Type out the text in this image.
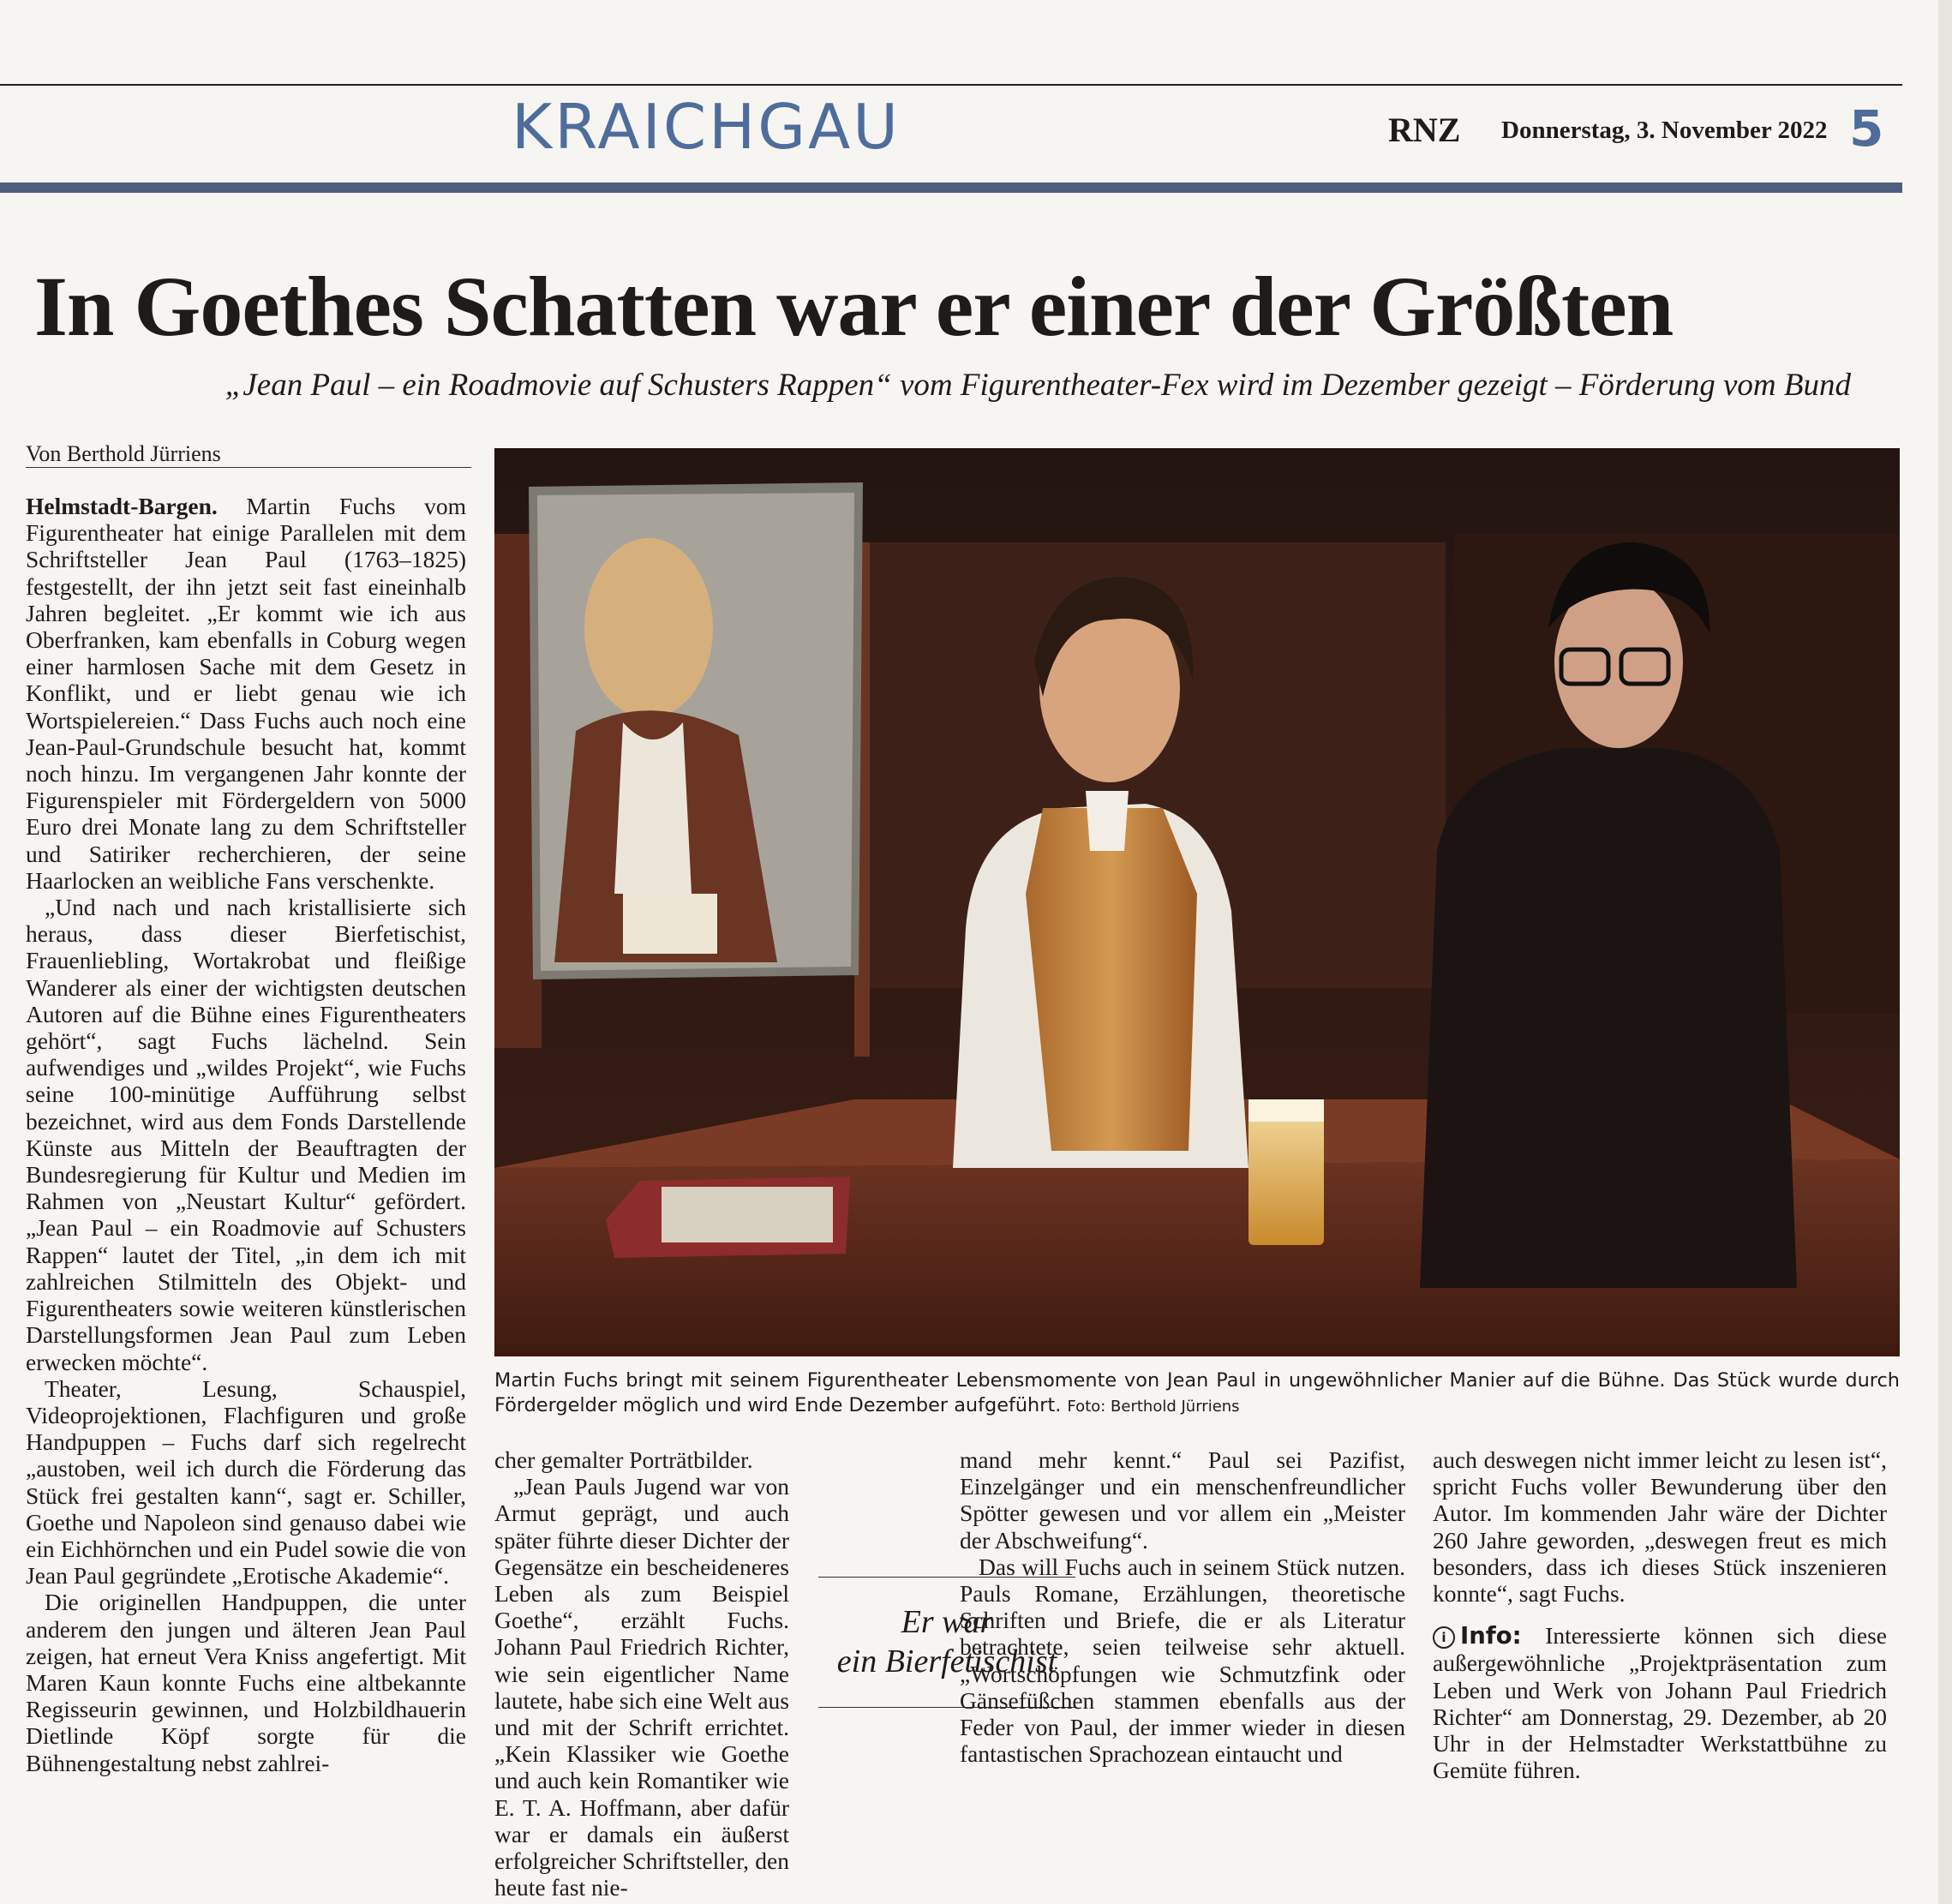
KRAICHGAU	RNZ Donnerstag, 3. November 2022 5
In Goethes Schatten war er einer der Größten
„Jean Paul – ein Roadmovie auf Schusters Rappen“ vom Figurentheater-Fex wird im Dezember gezeigt – Förderung vom Bund
Von Berthold Jürriens

Helmstadt-Bargen. Martin Fuchs vom Figurentheater hat einige Parallelen mit dem Schriftsteller Jean Paul (1763–1825) festgestellt, der ihn jetzt seit fast eineinhalb Jahren begleitet. „Er kommt wie ich aus Oberfranken, kam ebenfalls in Coburg wegen einer harmlosen Sache mit dem Gesetz in Konflikt, und er liebt genau wie ich Wortspielereien.“ Dass Fuchs auch noch eine Jean-Paul-Grundschule besucht hat, kommt noch hinzu. Im vergangenen Jahr konnte der Figurenspieler mit Fördergeldern von 5000 Euro drei Monate lang zu dem Schriftsteller und Satiriker recherchieren, der seine Haarlocken an weibliche Fans verschenkte.

„Und nach und nach kristallisierte sich heraus, dass dieser Bierfetischist, Frauenliebling, Wortakrobat und fleißige Wanderer als einer der wichtigsten deutschen Autoren auf die Bühne eines Figurentheaters gehört“, sagt Fuchs lächelnd. Sein aufwendiges und „wildes Projekt“, wie Fuchs seine 100-minütige Aufführung selbst bezeichnet, wird aus dem Fonds Darstellende Künste aus Mitteln der Beauftragten der Bundesregierung für Kultur und Medien im Rahmen von „Neustart Kultur“ gefördert. „Jean Paul – ein Roadmovie auf Schusters Rappen“ lautet der Titel, „in dem ich mit zahlreichen Stilmitteln des Objekt- und Figurentheaters sowie weiteren künstlerischen Darstellungsformen Jean Paul zum Leben erwecken möchte“.

Theater, Lesung, Schauspiel, Videoprojektionen, Flachfiguren und große Handpuppen – Fuchs darf sich regelrecht „austoben, weil ich durch die Förderung das Stück frei gestalten kann“, sagt er. Schiller, Goethe und Napoleon sind genauso dabei wie ein Eichhörnchen und ein Pudel sowie die von Jean Paul gegründete „Erotische Akademie“.

Die originellen Handpuppen, die unter anderem den jungen und älteren Jean Paul zeigen, hat erneut Vera Kniss angefertigt. Mit Maren Kaun konnte Fuchs eine altbekannte Regisseurin gewinnen, und Holzbildhauerin Dietlinde Köpf sorgte für die Bühnengestaltung nebst zahlrei-

Martin Fuchs bringt mit seinem Figurentheater Lebensmomente von Jean Paul in ungewöhnlicher Manier auf die Bühne. Das Stück wurde durch Fördergelder möglich und wird Ende Dezember aufgeführt. Foto: Berthold Jürriens

cher gemalter Porträtbilder.

„Jean Pauls Jugend war von Armut geprägt, und auch später führte dieser Dichter der Gegensätze ein bescheideneres Leben als zum Beispiel Goethe“, erzählt Fuchs. Johann Paul Friedrich Richter, wie sein eigentlicher Name lautete, habe sich eine Welt aus und mit der Schrift errichtet. „Kein Klassiker wie Goethe und auch kein Romantiker wie E. T. A. Hoffmann, aber dafür war er damals ein äußerst erfolgreicher Schriftsteller, den heute fast nie-

Er war
ein Bierfetischist

mand mehr kennt.“ Paul sei Pazifist, Einzelgänger und ein menschenfreundlicher Spötter gewesen und vor allem ein „Meister der Abschweifung“.

Das will Fuchs auch in seinem Stück nutzen. Pauls Romane, Erzählungen, theoretische Schriften und Briefe, die er als Literatur betrachtete, seien teilweise sehr aktuell. „Wortschöpfungen wie Schmutzfink oder Gänsefüßchen stammen ebenfalls aus der Feder von Paul, der immer wieder in diesen fantastischen Sprachozean eintaucht und

auch deswegen nicht immer leicht zu lesen ist“, spricht Fuchs voller Bewunderung über den Autor. Im kommenden Jahr wäre der Dichter 260 Jahre geworden, „deswegen freut es mich besonders, dass ich dieses Stück inszenieren konnte“, sagt Fuchs.

i Info: Interessierte können sich diese außergewöhnliche „Projektpräsentation zum Leben und Werk von Johann Paul Friedrich Richter“ am Donnerstag, 29. Dezember, ab 20 Uhr in der Helmstadter Werkstattbühne zu Gemüte führen.
